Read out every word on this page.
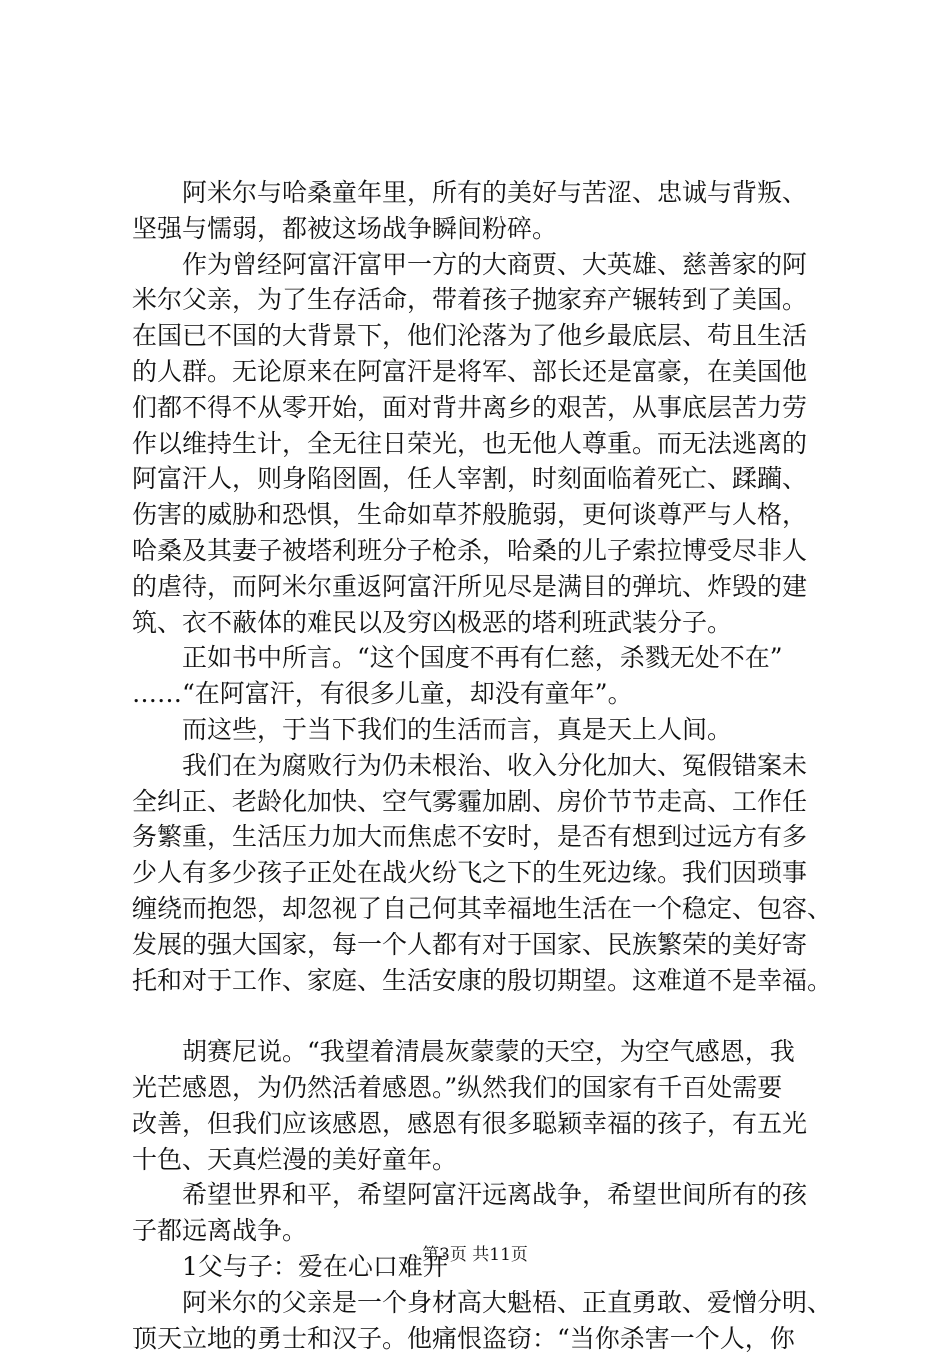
　　阿米尔与哈桑童年里，所有的美好与苦涩、忠诚与背叛、
坚强与懦弱，都被这场战争瞬间粉碎。
　　作为曾经阿富汗富甲一方的大商贾、大英雄、慈善家的阿
米尔父亲，为了生存活命，带着孩子抛家弃产辗转到了美国。
在国已不国的大背景下，他们沦落为了他乡最底层、苟且生活
的人群。无论原来在阿富汗是将军、部长还是富豪，在美国他
们都不得不从零开始，面对背井离乡的艰苦，从事底层苦力劳
作以维持生计，全无往日荣光，也无他人尊重。而无法逃离的
阿富汗人，则身陷囹圄，任人宰割，时刻面临着死亡、蹂躏、
伤害的威胁和恐惧，生命如草芥般脆弱，更何谈尊严与人格，
哈桑及其妻子被塔利班分子枪杀，哈桑的儿子索拉博受尽非人
的虐待，而阿米尔重返阿富汗所见尽是满目的弹坑、炸毁的建
筑、衣不蔽体的难民以及穷凶极恶的塔利班武装分子。
　　正如书中所言。“这个国度不再有仁慈，杀戮无处不在”
……“在阿富汗，有很多儿童，却没有童年”。
　　而这些，于当下我们的生活而言，真是天上人间。
　　我们在为腐败行为仍未根治、收入分化加大、冤假错案未
全纠正、老龄化加快、空气雾霾加剧、房价节节走高、工作任
务繁重，生活压力加大而焦虑不安时，是否有想到过远方有多
少人有多少孩子正处在战火纷飞之下的生死边缘。我们因琐事
缠绕而抱怨，却忽视了自己何其幸福地生活在一个稳定、包容、
发展的强大国家，每一个人都有对于国家、民族繁荣的美好寄
托和对于工作、家庭、生活安康的殷切期望。这难道不是幸福。
　　胡赛尼说。“我望着清晨灰蒙蒙的天空，为空气感恩，我
光芒感恩，为仍然活着感恩。”纵然我们的国家有千百处需要
改善，但我们应该感恩，感恩有很多聪颖幸福的孩子，有五光
十色、天真烂漫的美好童年。
　　希望世界和平，希望阿富汗远离战争，希望世间所有的孩
子都远离战争。
　　1父与子：爱在心口难开
　　阿米尔的父亲是一个身材高大魁梧、正直勇敢、爱憎分明、
顶天立地的勇士和汉子。他痛恨盗窃：“当你杀害一个人，你
第3页 共11页
